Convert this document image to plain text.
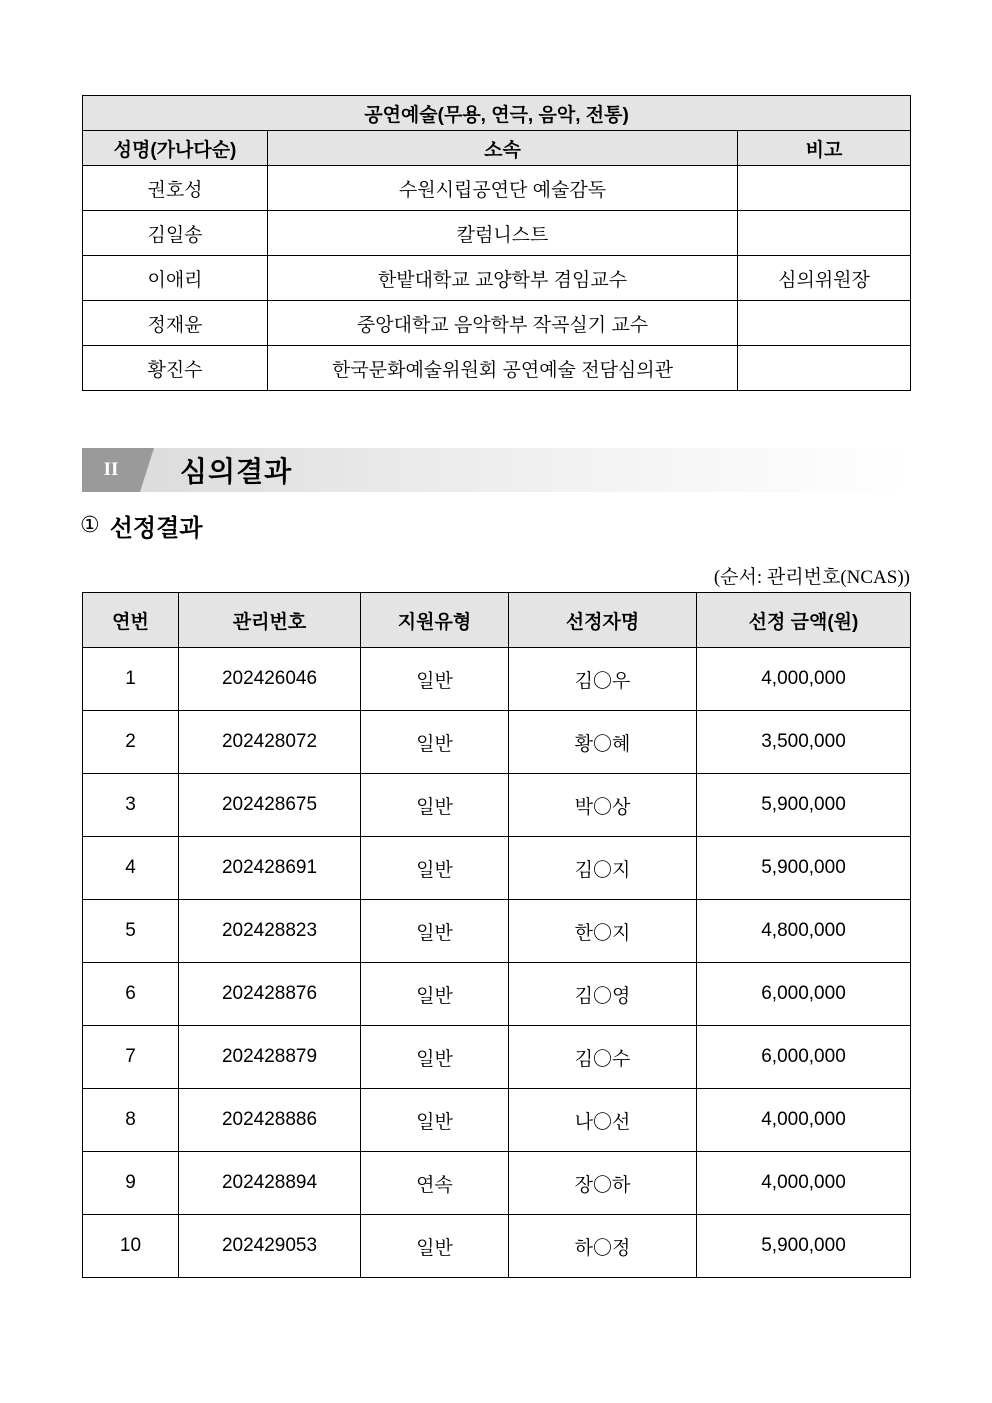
공연예술(무용, 연극, 음악, 전통)		
성명(가나다순)	소속	비고
권호성	수원시립공연단 예술감독	
김일송	칼럼니스트	
이애리	한밭대학교 교양학부 겸임교수	심의위원장
정재윤	중앙대학교 음악학부 작곡실기 교수	
황진수	한국문화예술위원회 공연예술 전담심의관	
II	심의결과
① 선정결과
(순서: 관리번호(NCAS))
연번	관리번호	지원유형	선정자명	선정 금액(원)
1	202426046	일반	김〇우	4,000,000
2	202428072	일반	황〇혜	3,500,000
3	202428675	일반	박〇상	5,900,000
4	202428691	일반	김〇지	5,900,000
5	202428823	일반	한〇지	4,800,000
6	202428876	일반	김〇영	6,000,000
7	202428879	일반	김〇수	6,000,000
8	202428886	일반	나〇선	4,000,000
9	202428894	연속	장〇하	4,000,000
10	202429053	일반	하〇정	5,900,000
